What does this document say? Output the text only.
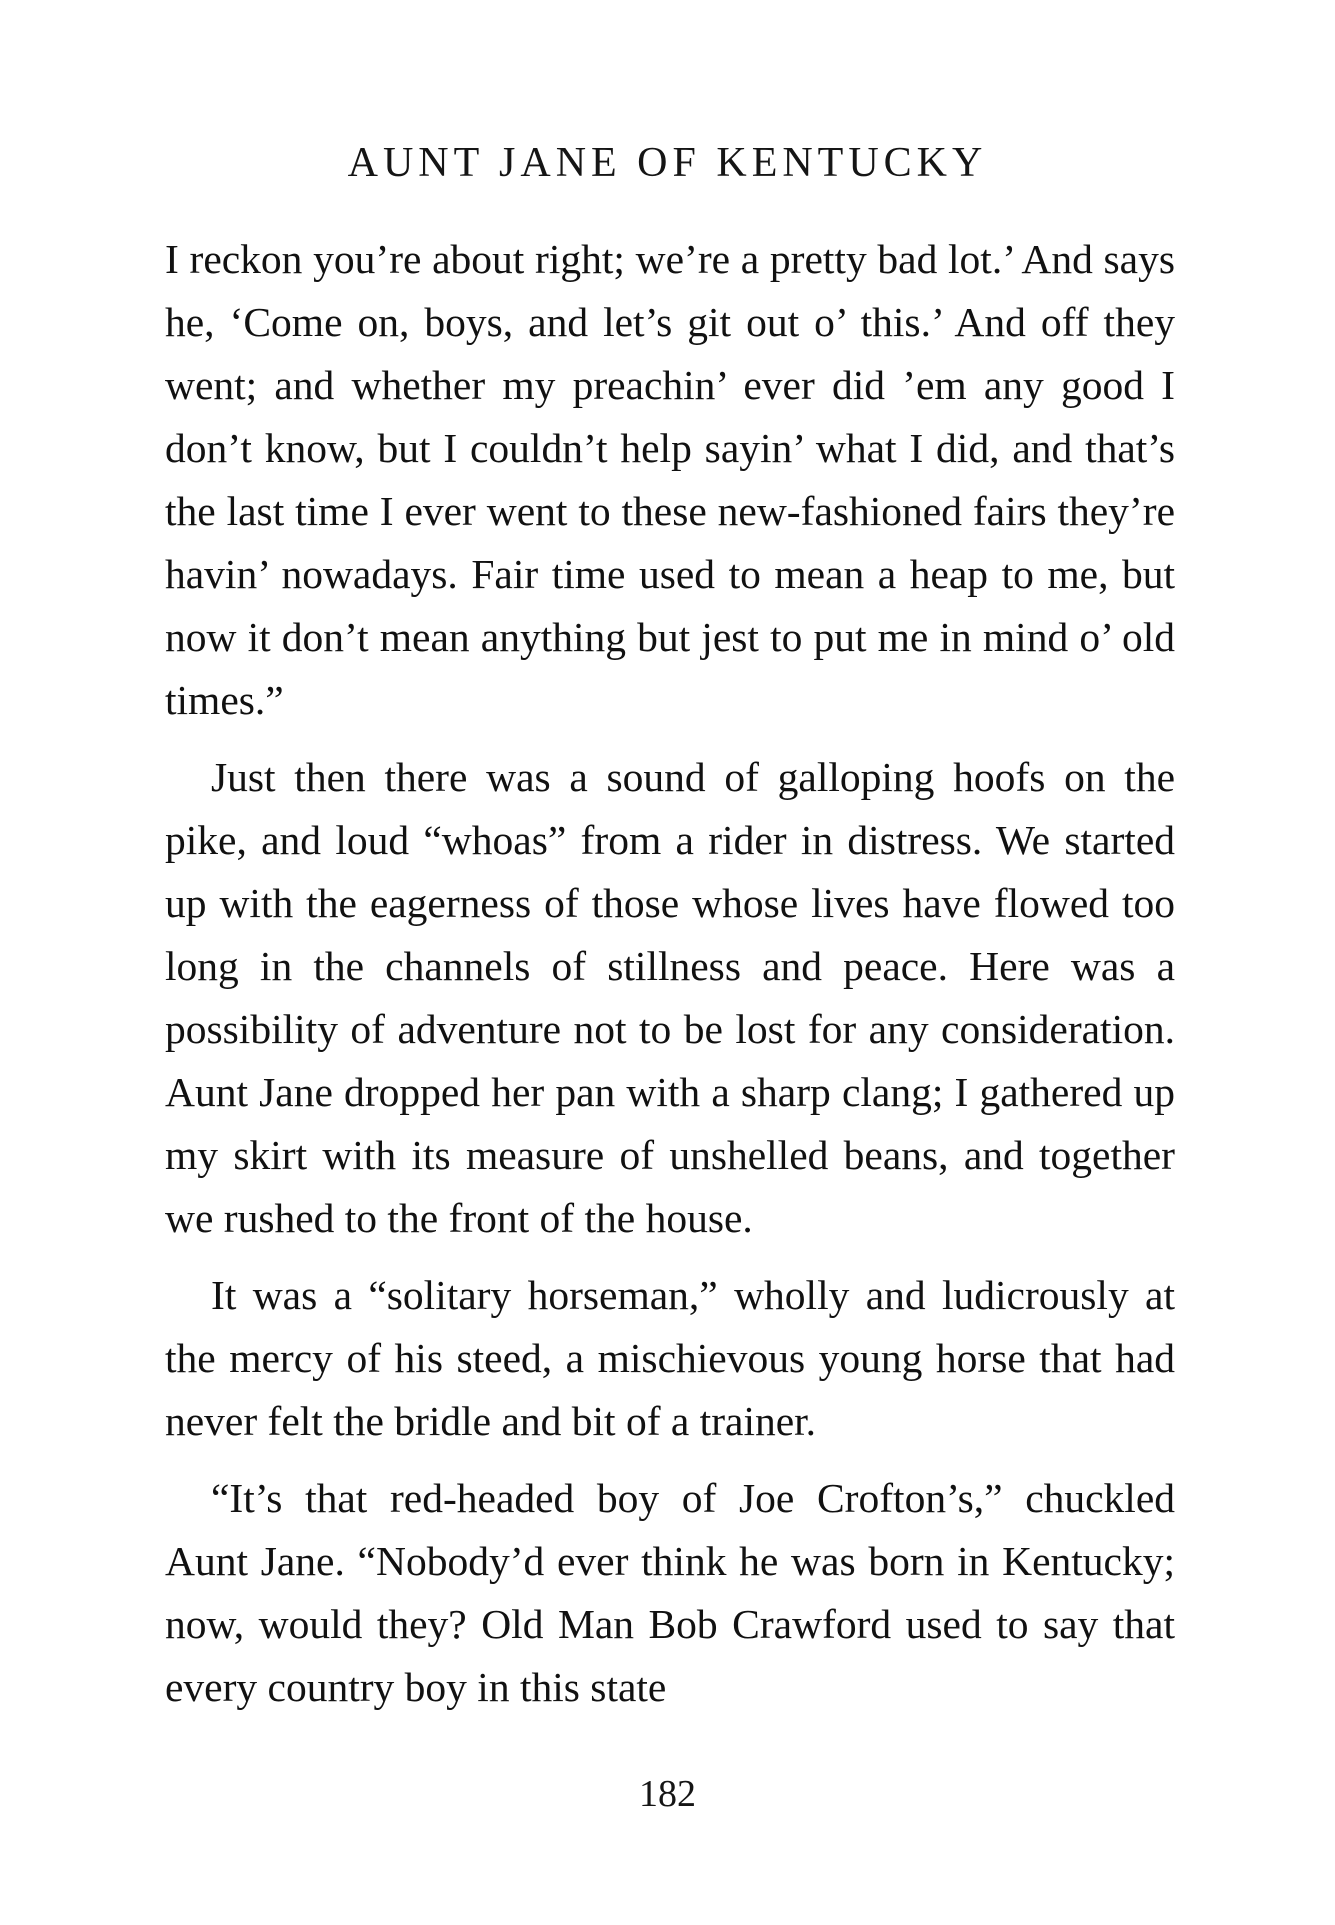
AUNT JANE OF KENTUCKY

I reckon you’re about right; we’re a pretty bad lot.’ And says he, ‘Come on, boys, and let’s git out o’ this.’ And off they went; and whether my preachin’ ever did ’em any good I don’t know, but I couldn’t help sayin’ what I did, and that’s the last time I ever went to these new-fashioned fairs they’re havin’ nowadays. Fair time used to mean a heap to me, but now it don’t mean anything but jest to put me in mind o’ old times.”

Just then there was a sound of galloping hoofs on the pike, and loud “whoas” from a rider in distress. We started up with the eagerness of those whose lives have flowed too long in the channels of stillness and peace. Here was a possibility of adventure not to be lost for any consideration. Aunt Jane dropped her pan with a sharp clang; I gathered up my skirt with its measure of unshelled beans, and together we rushed to the front of the house.

It was a “solitary horseman,” wholly and ludicrously at the mercy of his steed, a mischievous young horse that had never felt the bridle and bit of a trainer.

“It’s that red-headed boy of Joe Crofton’s,” chuckled Aunt Jane. “Nobody’d ever think he was born in Kentucky; now, would they? Old Man Bob Crawford used to say that every country boy in this state

182
